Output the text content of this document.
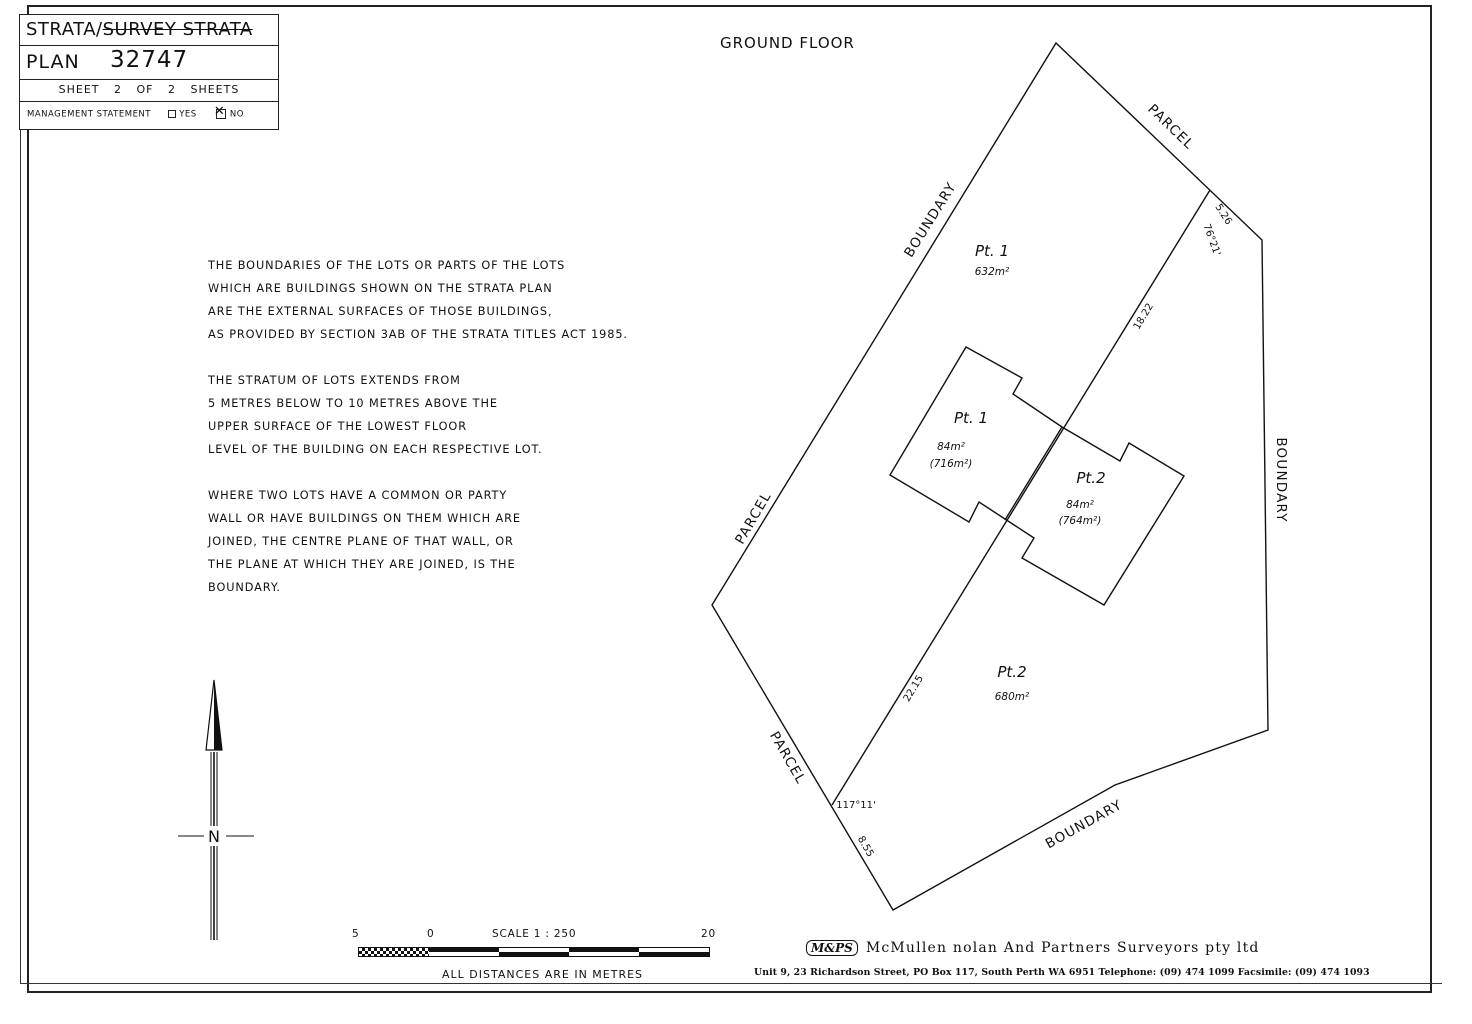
STRATA/SURVEY STRATA
PLAN 32747
SHEET 2 OF 2 SHEETS
MANAGEMENT STATEMENT	YES ✕	NO
GROUND FLOOR

THE BOUNDARIES OF THE LOTS OR PARTS OF THE LOTS
WHICH ARE BUILDINGS SHOWN ON THE STRATA PLAN
ARE THE EXTERNAL SURFACES OF THOSE BUILDINGS,
AS PROVIDED BY SECTION 3AB OF THE STRATA TITLES ACT 1985.

THE STRATUM OF LOTS EXTENDS FROM
5 METRES BELOW TO 10 METRES ABOVE THE
UPPER SURFACE OF THE LOWEST FLOOR
LEVEL OF THE BUILDING ON EACH RESPECTIVE LOT.

WHERE TWO LOTS HAVE A COMMON OR PARTY
WALL OR HAVE BUILDINGS ON THEM WHICH ARE
JOINED, THE CENTRE PLANE OF THAT WALL, OR
THE PLANE AT WHICH THEY ARE JOINED, IS THE
BOUNDARY.

N
BOUNDARY
PARCEL
BOUNDARY
PARCEL
PARCEL
BOUNDARY
Pt. 1
632m²
Pt. 1
84m²
(716m²)
Pt.2
84m²
(764m²)
Pt.2
680m²
5.26
76°21'
18.22
22.15
117°11'
8.55
5	0	SCALE 1 : 250	20
ALL DISTANCES ARE IN METRES
M&PS McMullen nolan And Partners Surveyors pty ltd
Unit 9, 23 Richardson Street, PO Box 117, South Perth WA 6951 Telephone: (09) 474 1099 Facsimile: (09) 474 1093
